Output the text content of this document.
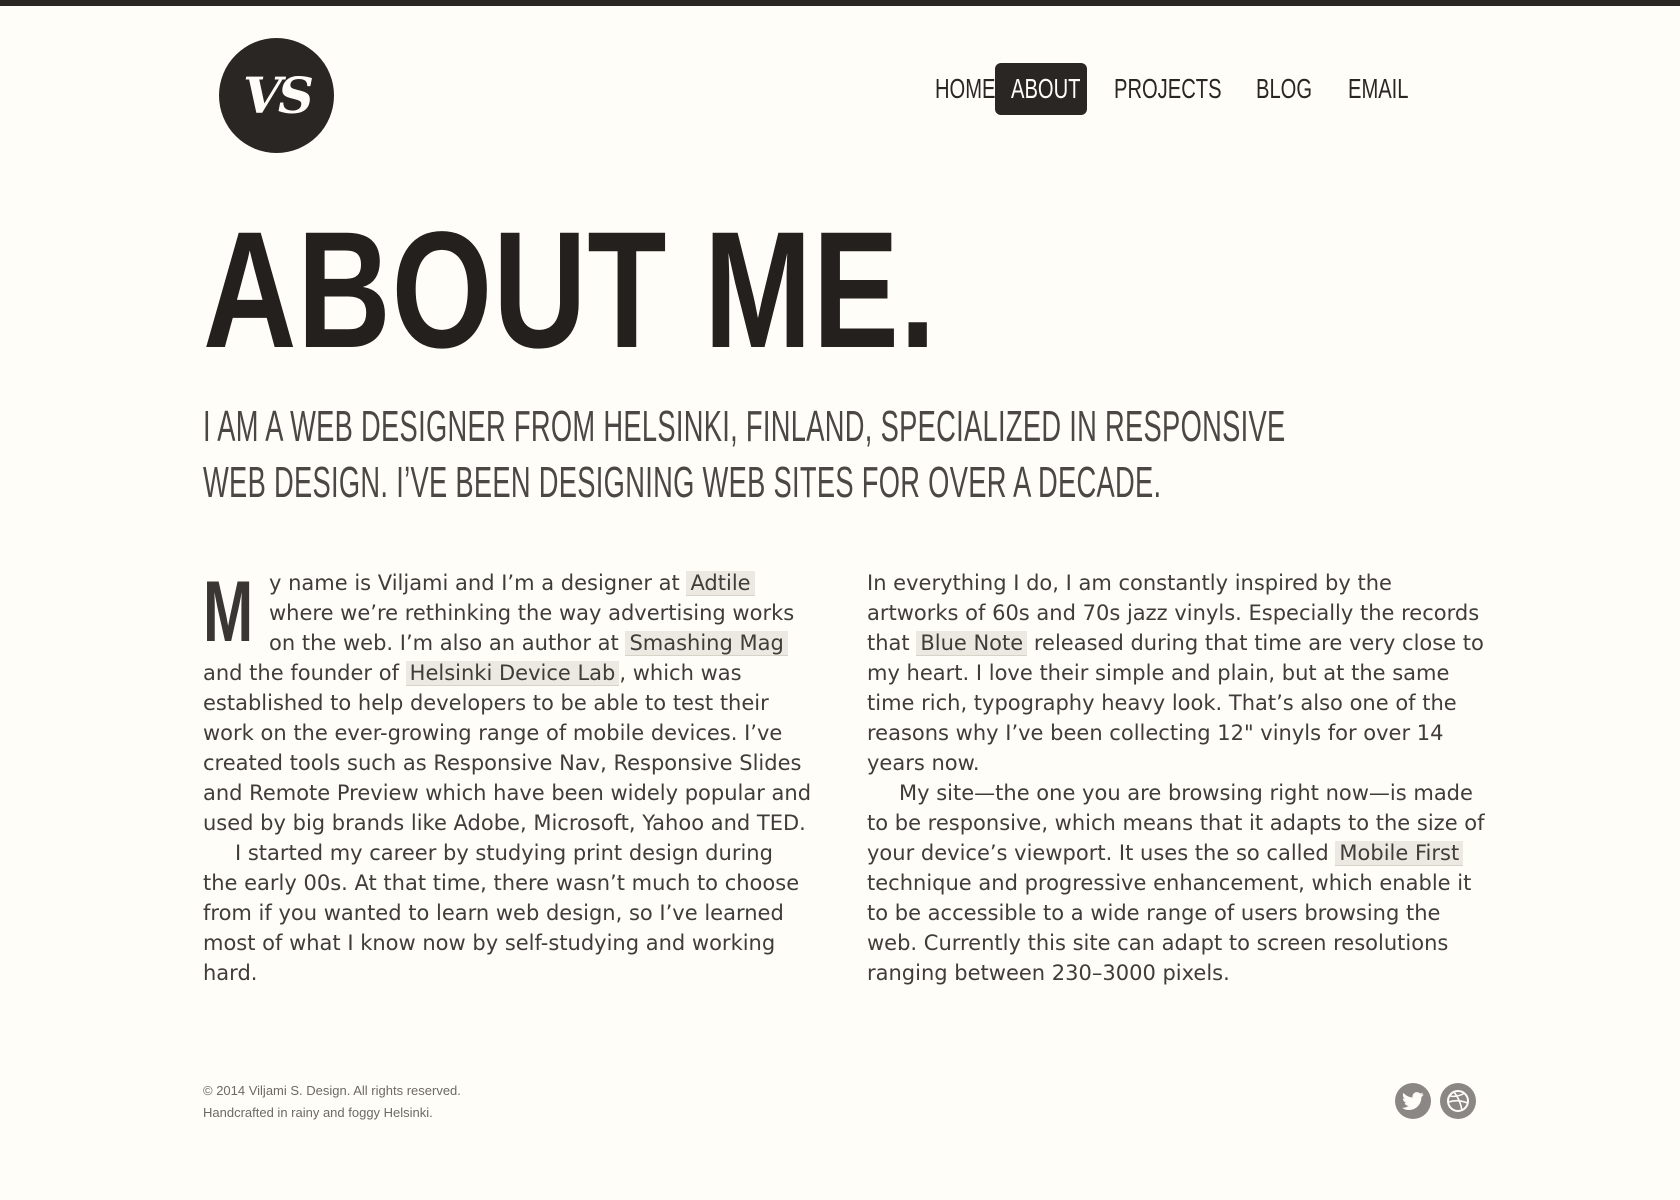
VS	HOME ABOUT PROJECTS BLOG EMAIL
ABOUT ME.

I AM A WEB DESIGNER FROM HELSINKI, FINLAND, SPECIALIZED IN RESPONSIVE
WEB DESIGN. I’VE BEEN DESIGNING WEB SITES FOR OVER A DECADE.

My name is Viljami and I’m a designer at Adtile where we’re rethinking the way advertising works on the web. I’m also an author at Smashing Mag and the founder of Helsinki Device Lab , which was established to help developers to be able to test their work on the ever-growing range of mobile devices. I’ve created tools such as Responsive Nav, Responsive Slides and Remote Preview which have been widely popular and used by big brands like Adobe, Microsoft, Yahoo and TED.

I started my career by studying print design during the early 00s. At that time, there wasn’t much to choose from if you wanted to learn web design, so I’ve learned most of what I know now by self-studying and working hard.

In everything I do, I am constantly inspired by the artworks of 60s and 70s jazz vinyls. Especially the records that Blue Note released during that time are very close to my heart. I love their simple and plain, but at the same time rich, typography heavy look. That’s also one of the reasons why I’ve been collecting 12" vinyls for over 14 years now.

My site—the one you are browsing right now—is made to be responsive, which means that it adapts to the size of your device’s viewport. It uses the so called Mobile First technique and progressive enhancement, which enable it to be accessible to a wide range of users browsing the web. Currently this site can adapt to screen resolutions ranging between 230–3000 pixels.

© 2014 Viljami S. Design. All rights reserved.
Handcrafted in rainy and foggy Helsinki.
